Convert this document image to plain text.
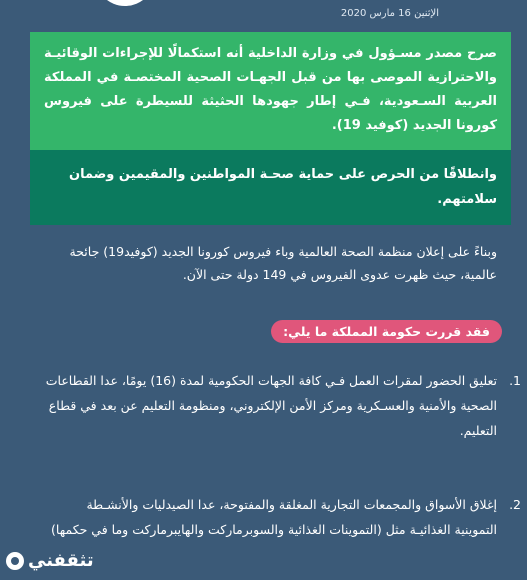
الإثنين 16 مارس 2020
صرح مصدر مسـؤول في وزارة الداخلية أنه استكمالًا للإجراءات الوقائيـة والاحترازية الموصى بها من قبل الجهـات الصحية المختصـة في المملكة العربية السـعودية، فـي إطار جهودها الحثيثة للسيطرة على فيروس كورونا الجديد (كوفيد 19).
وانطلاقًا من الحرص على حماية صحـة المواطنين والمقيمين وضمان سلامتهم.
وبناءً على إعلان منظمة الصحة العالمية وباء فيروس كورونا الجديد (كوفيد19) جائحة عالمية، حيث ظهرت عدوى الفيروس في 149 دولة حتى الآن.
فقد قررت حكومة المملكة ما يلي:
1.
تعليق الحضور لمقرات العمل فـي كافة الجهات الحكومية لمدة (16) يومًا، عدا القطاعات الصحية والأمنية والعسـكرية ومركز الأمن الإلكتروني، ومنظومة التعليم عن بعد في قطاع التعليم.
2.
إغلاق الأسواق والمجمعات التجارية المغلقة والمفتوحة، عدا الصيدليات والأنشـطة التموينية الغذائيـة مثل (التموينات الغذائية والسوبرماركت والهايبرماركت وما في حكمها)
تثقفني
